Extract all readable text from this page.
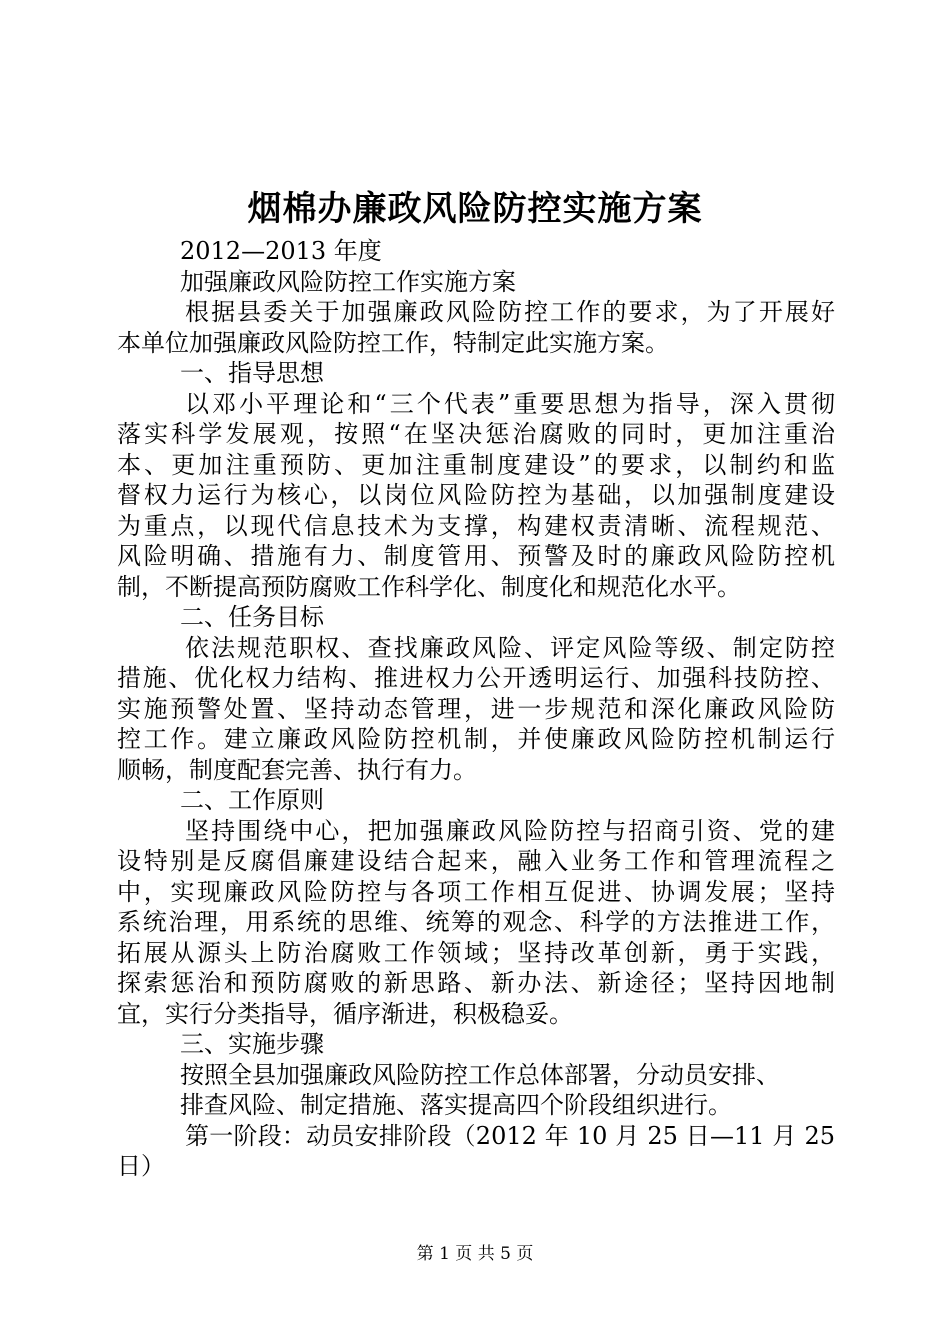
烟棉办廉政风险防控实施方案
2012—2013 年度
加强廉政风险防控工作实施方案
根据县委关于加强廉政风险防控工作的要求，为了开展好
本单位加强廉政风险防控工作，特制定此实施方案。
一、指导思想
以邓小平理论和“三个代表”重要思想为指导，深入贯彻
落实科学发展观，按照“在坚决惩治腐败的同时，更加注重治
本、更加注重预防、更加注重制度建设”的要求，以制约和监
督权力运行为核心，以岗位风险防控为基础，以加强制度建设
为重点，以现代信息技术为支撑，构建权责清晰、流程规范、
风险明确、措施有力、制度管用、预警及时的廉政风险防控机
制，不断提高预防腐败工作科学化、制度化和规范化水平。
二、任务目标
依法规范职权、查找廉政风险、评定风险等级、制定防控
措施、优化权力结构、推进权力公开透明运行、加强科技防控、
实施预警处置、坚持动态管理，进一步规范和深化廉政风险防
控工作。建立廉政风险防控机制，并使廉政风险防控机制运行
顺畅，制度配套完善、执行有力。
二、工作原则
坚持围绕中心，把加强廉政风险防控与招商引资、党的建
设特别是反腐倡廉建设结合起来，融入业务工作和管理流程之
中，实现廉政风险防控与各项工作相互促进、协调发展；坚持
系统治理，用系统的思维、统筹的观念、科学的方法推进工作，
拓展从源头上防治腐败工作领域；坚持改革创新，勇于实践，
探索惩治和预防腐败的新思路、新办法、新途径；坚持因地制
宜，实行分类指导，循序渐进，积极稳妥。
三、实施步骤
按照全县加强廉政风险防控工作总体部署，分动员安排、
排查风险、制定措施、落实提高四个阶段组织进行。
第一阶段：动员安排阶段（2012 年 10 月 25 日—11 月 25
日）
第 1 页 共 5 页
